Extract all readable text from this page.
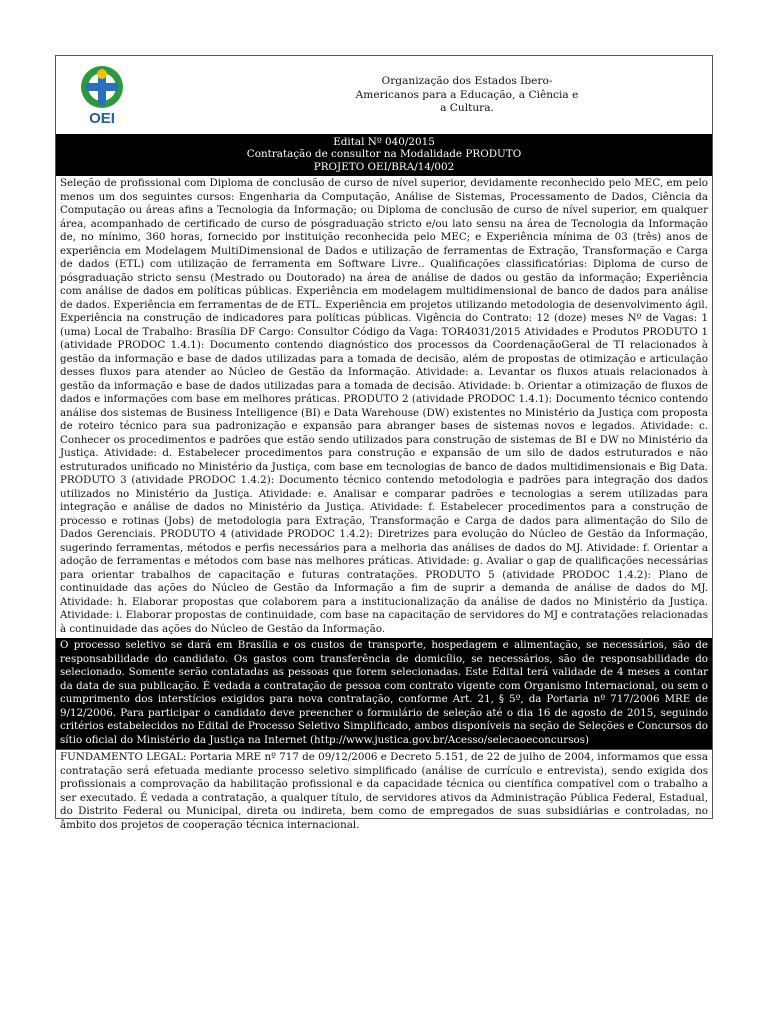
OEI
Organização dos Estados Ibero-Americanos para a Educação, a Ciência e a Cultura.
Edital Nº 040/2015
Contratação de consultor na Modalidade PRODUTO
PROJETO OEI/BRA/14/002

Seleção de profissional com Diploma de conclusão de curso de nível superior, devidamente reconhecido pelo MEC, em pelo menos um dos seguintes cursos: Engenharia da Computação, Análise de Sistemas, Processamento de Dados, Ciência da Computação ou áreas afins a Tecnologia da Informação; ou Diploma de conclusão de curso de nível superior, em qualquer área, acompanhado de certificado de curso de pósgraduação stricto e/ou lato sensu na área de Tecnologia da Informação de, no mínimo, 360 horas, fornecido por instituição reconhecida pelo MEC; e Experiência mínima de 03 (três) anos de experiência em Modelagem MultiDimensional de Dados e utilização de ferramentas de Extração, Transformação e Carga de dados (ETL) com utilização de ferramenta em Software Livre.. Qualificações classificatórias: Diploma de curso de pósgraduação stricto sensu (Mestrado ou Doutorado) na área de análise de dados ou gestão da informação; Experiência com análise de dados em políticas públicas. Experiência em modelagem multidimensional de banco de dados para análise de dados. Experiência em ferramentas de de ETL. Experiência em projetos utilizando metodologia de desenvolvimento ágil. Experiência na construção de indicadores para políticas públicas. Vigência do Contrato: 12 (doze) meses Nº de Vagas: 1 (uma) Local de Trabalho: Brasília DF Cargo: Consultor Código da Vaga: TOR4031/2015 Atividades e Produtos PRODUTO 1 (atividade PRODOC 1.4.1): Documento contendo diagnóstico dos processos da CoordenaçãoGeral de TI relacionados à gestão da informação e base de dados utilizadas para a tomada de decisão, além de propostas de otimização e articulação desses fluxos para atender ao Núcleo de Gestão da Informação. Atividade: a. Levantar os fluxos atuais relacionados à gestão da informação e base de dados utilizadas para a tomada de decisão. Atividade: b. Orientar a otimização de fluxos de dados e informações com base em melhores práticas. PRODUTO 2 (atividade PRODOC 1.4.1): Documento técnico contendo análise dos sistemas de Business Intelligence (BI) e Data Warehouse (DW) existentes no Ministério da Justiça com proposta de roteiro técnico para sua padronização e expansão para abranger bases de sistemas novos e legados. Atividade: c. Conhecer os procedimentos e padrões que estão sendo utilizados para construção de sistemas de BI e DW no Ministério da Justiça. Atividade: d. Estabelecer procedimentos para construção e expansão de um silo de dados estruturados e não estruturados unificado no Ministério da Justiça, com base em tecnologias de banco de dados multidimensionais e Big Data. PRODUTO 3 (atividade PRODOC 1.4.2): Documento técnico contendo metodologia e padrões para integração dos dados utilizados no Ministério da Justiça. Atividade: e. Analisar e comparar padrões e tecnologias a serem utilizadas para integração e análise de dados no Ministério da Justiça. Atividade: f. Estabelecer procedimentos para a construção de processo e rotinas (Jobs) de metodologia para Extração, Transformação e Carga de dados para alimentação do Silo de Dados Gerenciais. PRODUTO 4 (atividade PRODOC 1.4.2): Diretrizes para evolução do Núcleo de Gestão da Informação, sugerindo ferramentas, métodos e perfis necessários para a melhoria das análises de dados do MJ. Atividade: f. Orientar a adoção de ferramentas e métodos com base nas melhores práticas. Atividade: g. Avaliar o gap de qualificações necessárias para orientar trabalhos de capacitação e futuras contratações. PRODUTO 5 (atividade PRODOC 1.4.2): Plano de continuidade das ações do Núcleo de Gestão da Informação a fim de suprir a demanda de análise de dados do MJ. Atividade: h. Elaborar propostas que colaborem para a institucionalização da análise de dados no Ministério da Justiça. Atividade: i. Elaborar propostas de continuidade, com base na capacitação de servidores do MJ e contratações relacionadas à continuidade das ações do Núcleo de Gestão da Informação.

O processo seletivo se dará em Brasília e os custos de transporte, hospedagem e alimentação, se necessários, são de responsabilidade do candidato. Os gastos com transferência de domicílio, se necessários, são de responsabilidade do selecionado. Somente serão contatadas as pessoas que forem selecionadas. Este Edital terá validade de 4 meses a contar da data de sua publicação. É vedada a contratação de pessoa com contrato vigente com Organismo Internacional, ou sem o cumprimento dos interstícios exigidos para nova contratação, conforme Art. 21, § 5º, da Portaria nº 717/2006 MRE de 9/12/2006. Para participar o candidato deve preencher o formulário de seleção até o dia 16 de agosto de 2015, seguindo critérios estabelecidos no Edital de Processo Seletivo Simplificado, ambos disponíveis na seção de Seleções e Concursos do sítio oficial do Ministério da Justiça na Internet (http://www.justica.gov.br/Acesso/selecaoeconcursos)

FUNDAMENTO LEGAL: Portaria MRE nº 717 de 09/12/2006 e Decreto 5.151, de 22 de julho de 2004, informamos que essa contratação será efetuada mediante processo seletivo simplificado (análise de currículo e entrevista), sendo exigida dos profissionais a comprovação da habilitação profissional e da capacidade técnica ou científica compatível com o trabalho a ser executado. É vedada a contratação, a qualquer título, de servidores ativos da Administração Pública Federal, Estadual, do Distrito Federal ou Municipal, direta ou indireta, bem como de empregados de suas subsidiárias e controladas, no âmbito dos projetos de cooperação técnica internacional.
